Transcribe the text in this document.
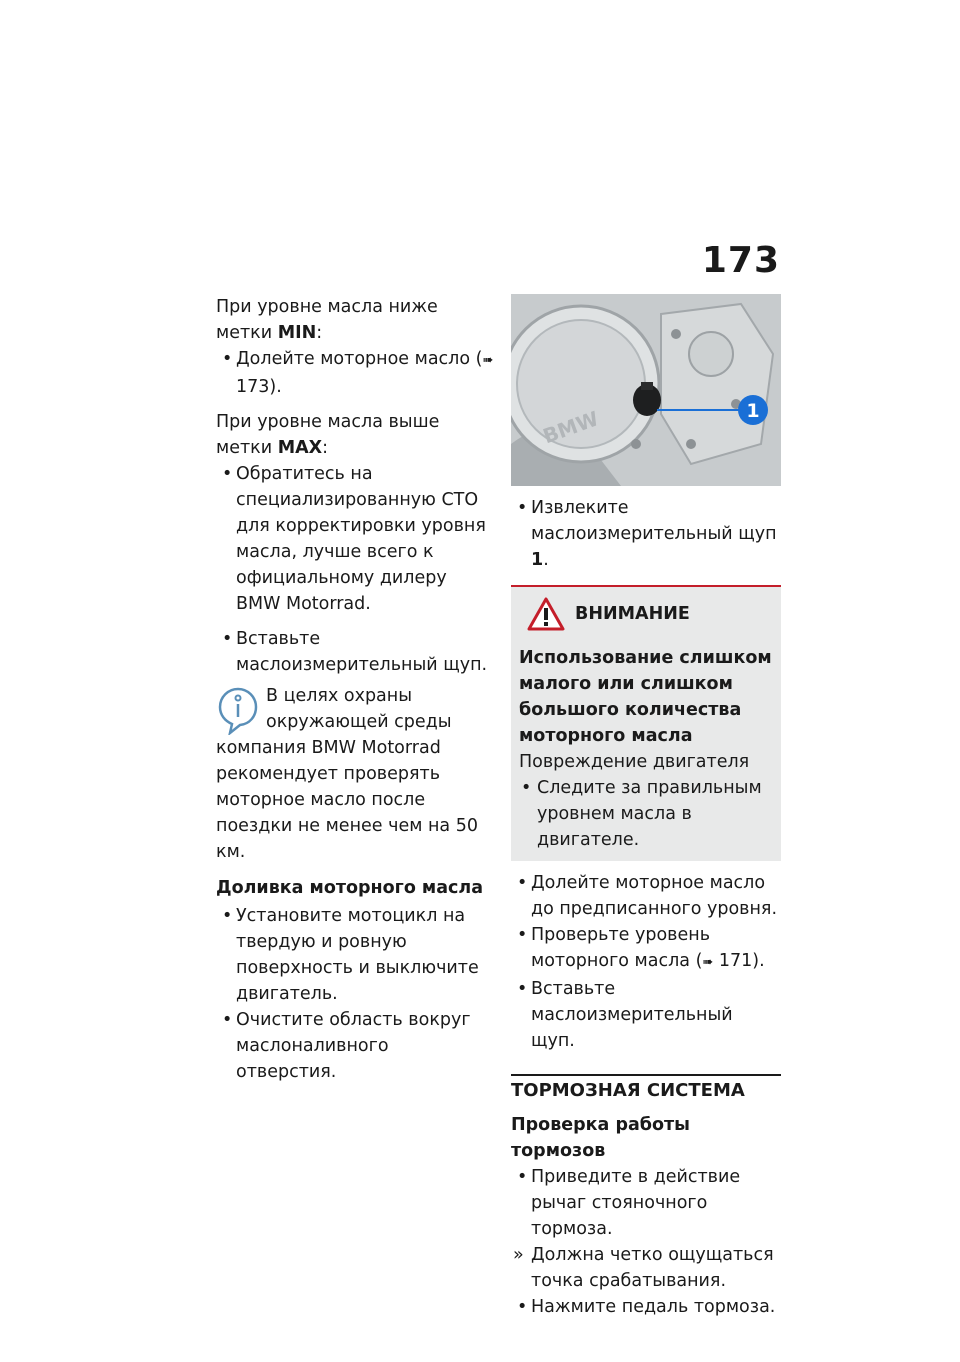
173

При уровне масла ниже метки MIN:

• Долейте моторное масло (➠ 173).

При уровне масла выше метки MAX:

• Обратитесь на специализированную СТО для корректировки уровня масла, лучше всего к официальному дилеру BMW Motorrad.

• Вставьте маслоизмерительный щуп.

В целях охраны окружающей среды компания BMW Motorrad рекомендует проверять моторное масло после поездки не менее чем на 50 км.

Доливка моторного масла

• Установите мотоцикл на твердую и ровную поверхность и выключите двигатель.

• Очистите область вокруг маслоналивного отверстия.

BMW	1

• Извлеките маслоизмерительный щуп 1.

ВНИМАНИЕ

Использование слишком малого или слишком большого количества моторного масла

Повреждение двигателя

• Следите за правильным уровнем масла в двигателе.

• Долейте моторное масло до предписанного уровня.

• Проверьте уровень моторного масла (➠ 171).

• Вставьте маслоизмерительный щуп.

ТОРМОЗНАЯ СИСТЕМА

Проверка работы тормозов

• Приведите в действие рычаг стояночного тормоза.

» Должна четко ощущаться точка срабатывания.

• Нажмите педаль тормоза.
